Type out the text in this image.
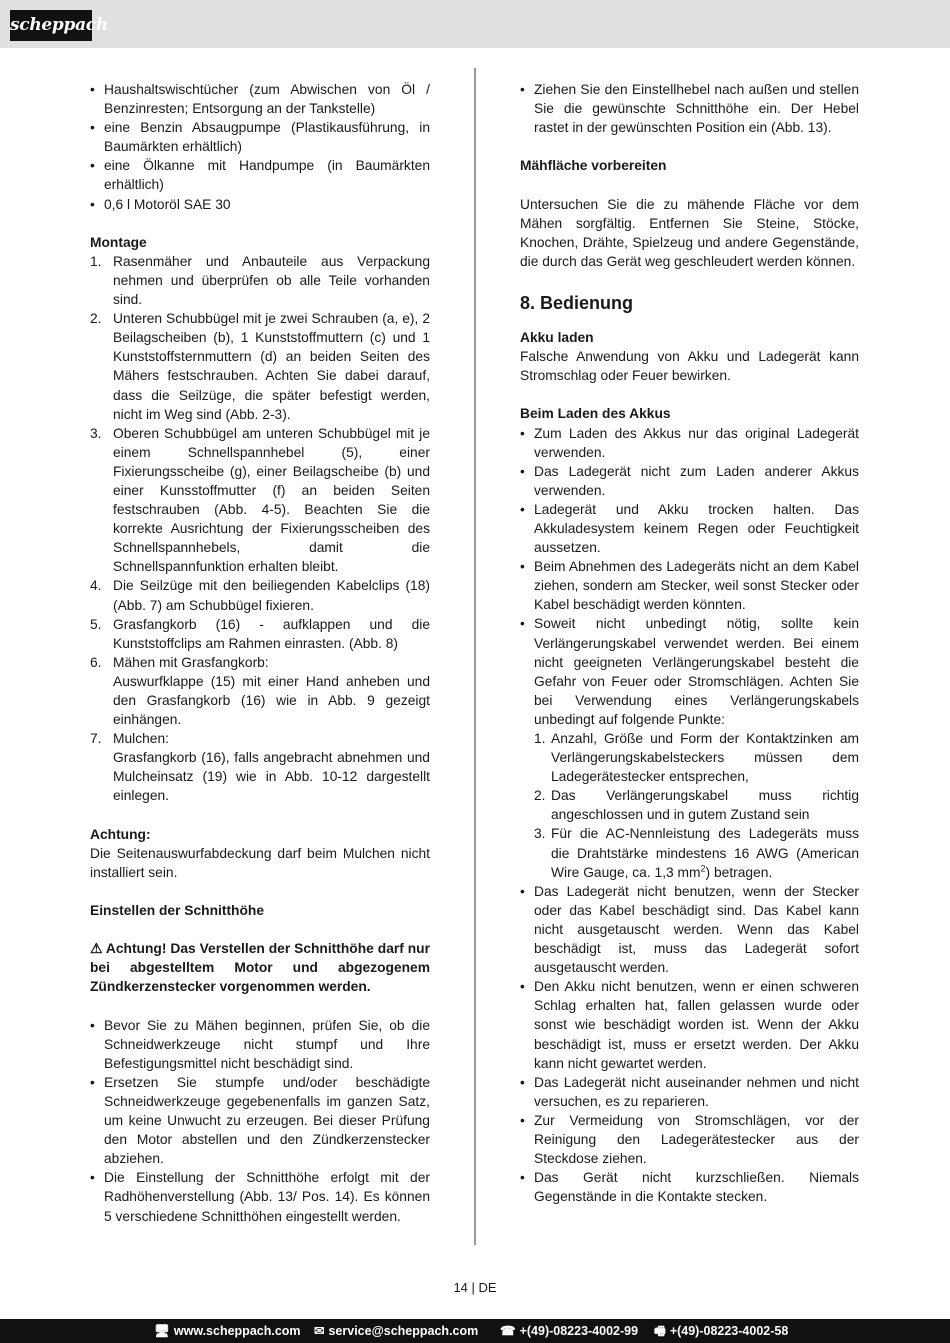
scheppach
• Haushaltswischtücher (zum Abwischen von Öl / Benzinresten; Entsorgung an der Tankstelle)
• eine Benzin Absaugpumpe (Plastikausführung, in Baumärkten erhältlich)
• eine Ölkanne mit Handpumpe (in Baumärkten erhältlich)
• 0,6 l Motoröl SAE 30

Montage

1. Rasenmäher und Anbauteile aus Verpackung nehmen und überprüfen ob alle Teile vorhanden sind.
2. Unteren Schubbügel mit je zwei Schrauben (a, e), 2 Beilagscheiben (b), 1 Kunststoffmuttern (c) und 1 Kunststoffsternmuttern (d) an beiden Seiten des Mähers festschrauben. Achten Sie dabei darauf, dass die Seilzüge, die später befestigt werden, nicht im Weg sind (Abb. 2-3).
3. Oberen Schubbügel am unteren Schubbügel mit je einem Schnellspannhebel (5), einer Fixierungsscheibe (g), einer Beilagscheibe (b) und einer Kunsstoffmutter (f) an beiden Seiten festschrauben (Abb. 4-5). Beachten Sie die korrekte Ausrichtung der Fixierungsscheiben des Schnellspannhebels, damit die Schnellspannfunktion erhalten bleibt.
4. Die Seilzüge mit den beiliegenden Kabelclips (18) (Abb. 7) am Schubbügel fixieren.
5. Grasfangkorb (16) - aufklappen und die Kunststoffclips am Rahmen einrasten. (Abb. 8)
6. Mähen mit Grasfangkorb:
Auswurfklappe (15) mit einer Hand anheben und den Grasfangkorb (16) wie in Abb. 9 gezeigt einhängen.
7. Mulchen:
Grasfangkorb (16), falls angebracht abnehmen und Mulcheinsatz (19) wie in Abb. 10-12 dargestellt einlegen.

Achtung:

Die Seitenauswurfabdeckung darf beim Mulchen nicht installiert sein.

Einstellen der Schnitthöhe

⚠ Achtung! Das Verstellen der Schnitthöhe darf nur bei abgestelltem Motor und abgezogenem Zündkerzenstecker vorgenommen werden.

• Bevor Sie zu Mähen beginnen, prüfen Sie, ob die Schneidwerkzeuge nicht stumpf und Ihre Befestigungsmittel nicht beschädigt sind.
• Ersetzen Sie stumpfe und/oder beschädigte Schneidwerkzeuge gegebenenfalls im ganzen Satz, um keine Unwucht zu erzeugen. Bei dieser Prüfung den Motor abstellen und den Zündkerzenstecker abziehen.
• Die Einstellung der Schnitthöhe erfolgt mit der Radhöhenverstellung (Abb. 13/ Pos. 14). Es können 5 verschiedene Schnitthöhen eingestellt werden.
• Ziehen Sie den Einstellhebel nach außen und stellen Sie die gewünschte Schnitthöhe ein. Der Hebel rastet in der gewünschten Position ein (Abb. 13).

Mähfläche vorbereiten

Untersuchen Sie die zu mähende Fläche vor dem Mähen sorgfältig. Entfernen Sie Steine, Stöcke, Knochen, Drähte, Spielzeug und andere Gegenstände, die durch das Gerät weg geschleudert werden können.

8. Bedienung

Akku laden

Falsche Anwendung von Akku und Ladegerät kann Stromschlag oder Feuer bewirken.

Beim Laden des Akkus

• Zum Laden des Akkus nur das original Ladegerät verwenden.
• Das Ladegerät nicht zum Laden anderer Akkus verwenden.
• Ladegerät und Akku trocken halten. Das Akkuladesystem keinem Regen oder Feuchtigkeit aussetzen.
• Beim Abnehmen des Ladegeräts nicht an dem Kabel ziehen, sondern am Stecker, weil sonst Stecker oder Kabel beschädigt werden könnten.
• Soweit nicht unbedingt nötig, sollte kein Verlängerungskabel verwendet werden. Bei einem nicht geeigneten Verlängerungskabel besteht die Gefahr von Feuer oder Stromschlägen. Achten Sie bei Verwendung eines Verlängerungskabels unbedingt auf folgende Punkte:
1. Anzahl, Größe und Form der Kontaktzinken am Verlängerungskabelsteckers müssen dem Ladegerätestecker entsprechen,
2. Das Verlängerungskabel muss richtig angeschlossen und in gutem Zustand sein
3. Für die AC-Nennleistung des Ladegeräts muss die Drahtstärke mindestens 16 AWG (American Wire Gauge, ca. 1,3 $mm^2$) betragen.
• Das Ladegerät nicht benutzen, wenn der Stecker oder das Kabel beschädigt sind. Das Kabel kann nicht ausgetauscht werden. Wenn das Kabel beschädigt ist, muss das Ladegerät sofort ausgetauscht werden.
• Den Akku nicht benutzen, wenn er einen schweren Schlag erhalten hat, fallen gelassen wurde oder sonst wie beschädigt worden ist. Wenn der Akku beschädigt ist, muss er ersetzt werden. Der Akku kann nicht gewartet werden.
• Das Ladegerät nicht auseinander nehmen und nicht versuchen, es zu reparieren.
• Zur Vermeidung von Stromschlägen, vor der Reinigung den Ladegerätestecker aus der Steckdose ziehen.
• Das Gerät nicht kurzschließen. Niemals Gegenstände in die Kontakte stecken.
14 | DE
🖥 www.scheppach.com ✉ service@scheppach.com ☎ +(49)-08223-4002-99 🖷 +(49)-08223-4002-58
